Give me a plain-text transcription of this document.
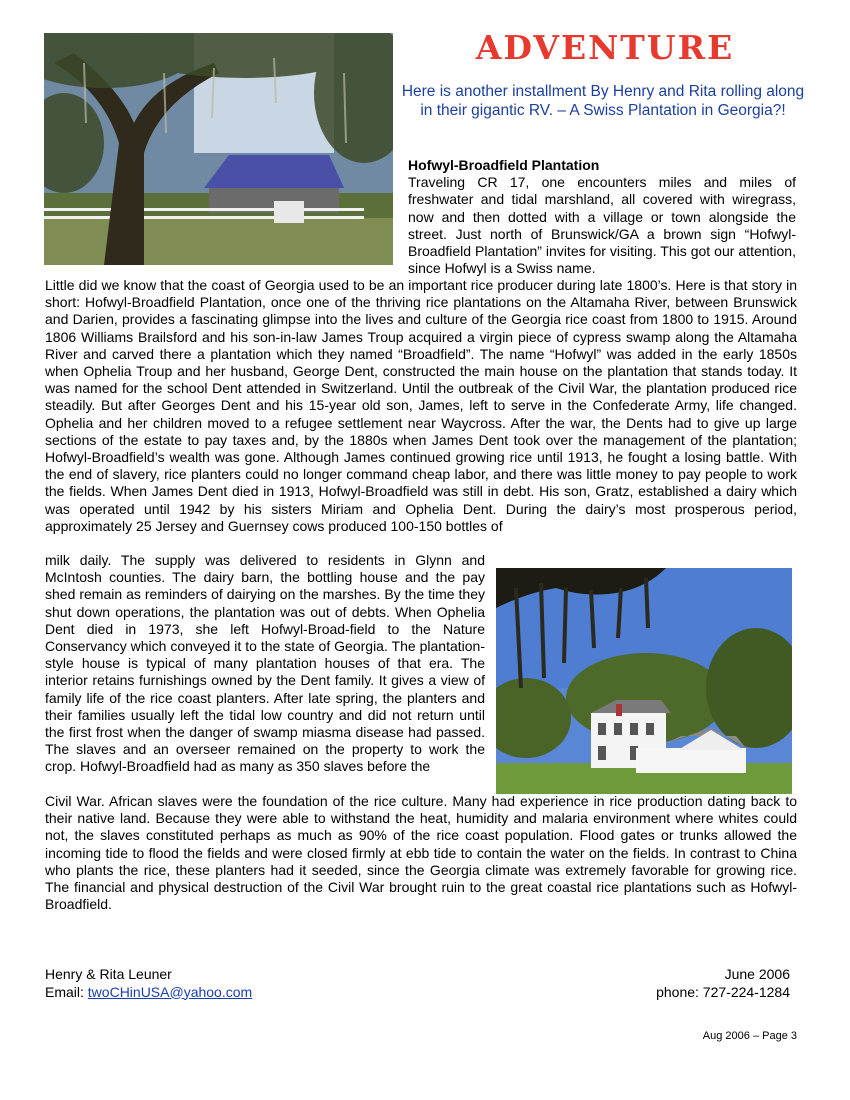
ADVENTURE

Here is another installment By Henry and Rita rolling along in their gigantic RV. – A Swiss Plantation in Georgia?!

Hofwyl-Broadfield Plantation
Traveling CR 17, one encounters miles and miles of freshwater and tidal marshland, all covered with wiregrass, now and then dotted with a village or town alongside the street. Just north of Brunswick/GA a brown sign “Hofwyl-Broadfield Plantation” invites for visiting. This got our attention, since Hofwyl is a Swiss name.

Little did we know that the coast of Georgia used to be an important rice producer during late 1800’s. Here is that story in short: Hofwyl-Broadfield Plantation, once one of the thriving rice plantations on the Altamaha River, between Brunswick and Darien, provides a fascinating glimpse into the lives and culture of the Georgia rice coast from 1800 to 1915. Around 1806 Williams Brailsford and his son-in-law James Troup acquired a virgin piece of cypress swamp along the Altamaha River and carved there a plantation which they named “Broadfield”. The name “Hofwyl” was added in the early 1850s when Ophelia Troup and her husband, George Dent, constructed the main house on the plantation that stands today. It was named for the school Dent attended in Switzerland. Until the outbreak of the Civil War, the plantation produced rice steadily. But after Georges Dent and his 15-year old son, James, left to serve in the Confederate Army, life changed. Ophelia and her children moved to a refugee settlement near Waycross. After the war, the Dents had to give up large sections of the estate to pay taxes and, by the 1880s when James Dent took over the management of the plantation; Hofwyl-Broadfield’s wealth was gone. Although James continued growing rice until 1913, he fought a losing battle. With the end of slavery, rice planters could no longer command cheap labor, and there was little money to pay people to work the fields. When James Dent died in 1913, Hofwyl-Broadfield was still in debt. His son, Gratz, established a dairy which was operated until 1942 by his sisters Miriam and Ophelia Dent. During the dairy’s most prosperous period, approximately 25 Jersey and Guernsey cows produced 100-150 bottles of

milk daily. The supply was delivered to residents in Glynn and McIntosh counties. The dairy barn, the bottling house and the pay shed remain as reminders of dairying on the marshes. By the time they shut down operations, the plantation was out of debts. When Ophelia Dent died in 1973, she left Hofwyl-Broad-field to the Nature Conservancy which conveyed it to the state of Georgia. The plantation-style house is typical of many plantation houses of that era. The interior retains furnishings owned by the Dent family. It gives a view of family life of the rice coast planters. After late spring, the planters and their families usually left the tidal low country and did not return until the first frost when the danger of swamp miasma disease had passed. The slaves and an overseer remained on the property to work the crop. Hofwyl-Broadfield had as many as 350 slaves before the

Civil War. African slaves were the foundation of the rice culture. Many had experience in rice production dating back to their native land. Because they were able to withstand the heat, humidity and malaria environment where whites could not, the slaves constituted perhaps as much as 90% of the rice coast population. Flood gates or trunks allowed the incoming tide to flood the fields and were closed firmly at ebb tide to contain the water on the fields. In contrast to China who plants the rice, these planters had it seeded, since the Georgia climate was extremely favorable for growing rice. The financial and physical destruction of the Civil War brought ruin to the great coastal rice plantations such as Hofwyl-Broadfield.

Henry & Rita Leuner
Email: twoCHinUSA@yahoo.com
June 2006
phone: 727-224-1284
Aug 2006 – Page 3
